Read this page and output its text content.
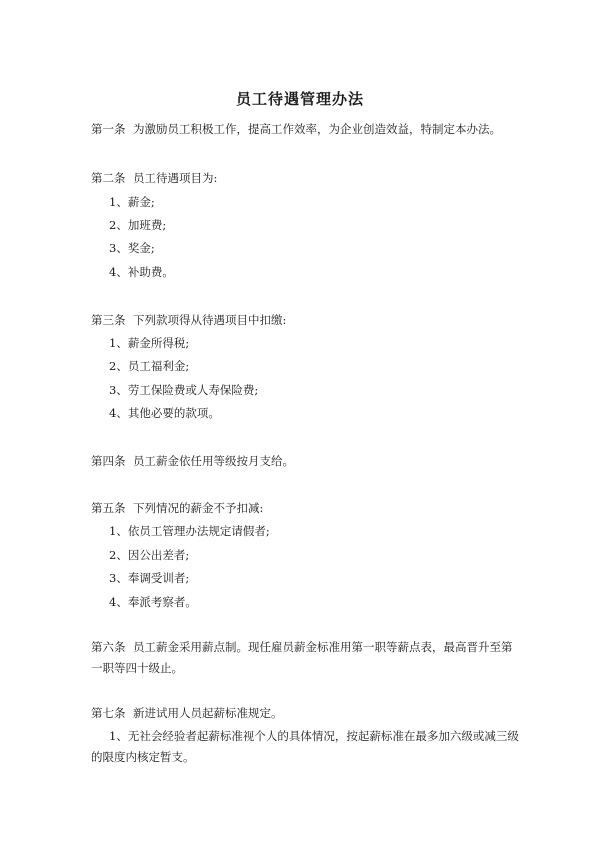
员工待遇管理办法
第一条 为激励员工积极工作，提高工作效率，为企业创造效益，特制定本办法。
第二条 员工待遇项目为:
1、薪金;
2、加班费;
3、奖金;
4、补助费。
第三条 下列款项得从待遇项目中扣缴:
1、薪金所得税;
2、员工福利金;
3、劳工保险费或人寿保险费;
4、其他必要的款项。
第四条 员工薪金依任用等级按月支给。
第五条 下列情况的薪金不予扣减:
1、依员工管理办法规定请假者;
2、因公出差者;
3、奉调受训者;
4、奉派考察者。
第六条 员工薪金采用薪点制。现任雇员薪金标准用第一职等薪点表，最高晋升至第一职等四十级止。
第七条 新进试用人员起薪标准规定。
1、无社会经验者起薪标准视个人的具体情况，按起薪标准在最多加六级或减三级的限度内核定暂支。
